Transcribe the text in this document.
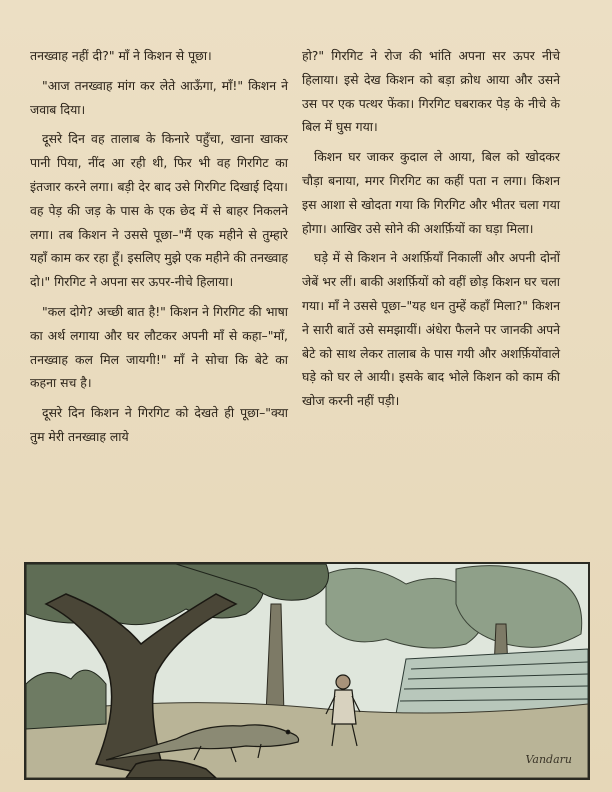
तनख्वाह नहीं दी?" माँ ने किशन से पूछा।

"आज तनख्वाह मांग कर लेते आऊँगा, माँ!" किशन ने जवाब दिया।

दूसरे दिन वह तालाब के किनारे पहुँचा, खाना खाकर पानी पिया, नींद आ रही थी, फिर भी वह गिरगिट का इंतजार करने लगा। बड़ी देर बाद उसे गिरगिट दिखाई दिया। वह पेड़ की जड़ के पास के एक छेद में से बाहर निकलने लगा। तब किशन ने उससे पूछा–"मैं एक महीने से तुम्हारे यहाँ काम कर रहा हूँ। इसलिए मुझे एक महीने की तनख्वाह दो।" गिरगिट ने अपना सर ऊपर-नीचे हिलाया।

"कल दोगे? अच्छी बात है!" किशन ने गिरगिट की भाषा का अर्थ लगाया और घर लौटकर अपनी माँ से कहा–"माँ, तनख्वाह कल मिल जायगी!" माँ ने सोचा कि बेटे का कहना सच है।

दूसरे दिन किशन ने गिरगिट को देखते ही पूछा–"क्या तुम मेरी तनख्वाह लाये

हो?" गिरगिट ने रोज की भांति अपना सर ऊपर नीचे हिलाया। इसे देख किशन को बड़ा क्रोध आया और उसने उस पर एक पत्थर फेंका। गिरगिट घबराकर पेड़ के नीचे के बिल में घुस गया।

किशन घर जाकर कुदाल ले आया, बिल को खोदकर चौड़ा बनाया, मगर गिरगिट का कहीं पता न लगा। किशन इस आशा से खोदता गया कि गिरगिट और भीतर चला गया होगा। आखिर उसे सोने की अशर्फ़ियों का घड़ा मिला।

घड़े में से किशन ने अशर्फ़ियाँ निकालीं और अपनी दोनों जेबें भर लीं। बाकी अशर्फ़ियों को वहीं छोड़ किशन घर चला गया। माँ ने उससे पूछा–"यह धन तुम्हें कहाँ मिला?" किशन ने सारी बातें उसे समझायीं। अंधेरा फैलने पर जानकी अपने बेटे को साथ लेकर तालाब के पास गयी और अशर्फ़ियोंवाले घड़े को घर ले आयी। इसके बाद भोले किशन को काम की खोज करनी नहीं पड़ी।

Vandaru
